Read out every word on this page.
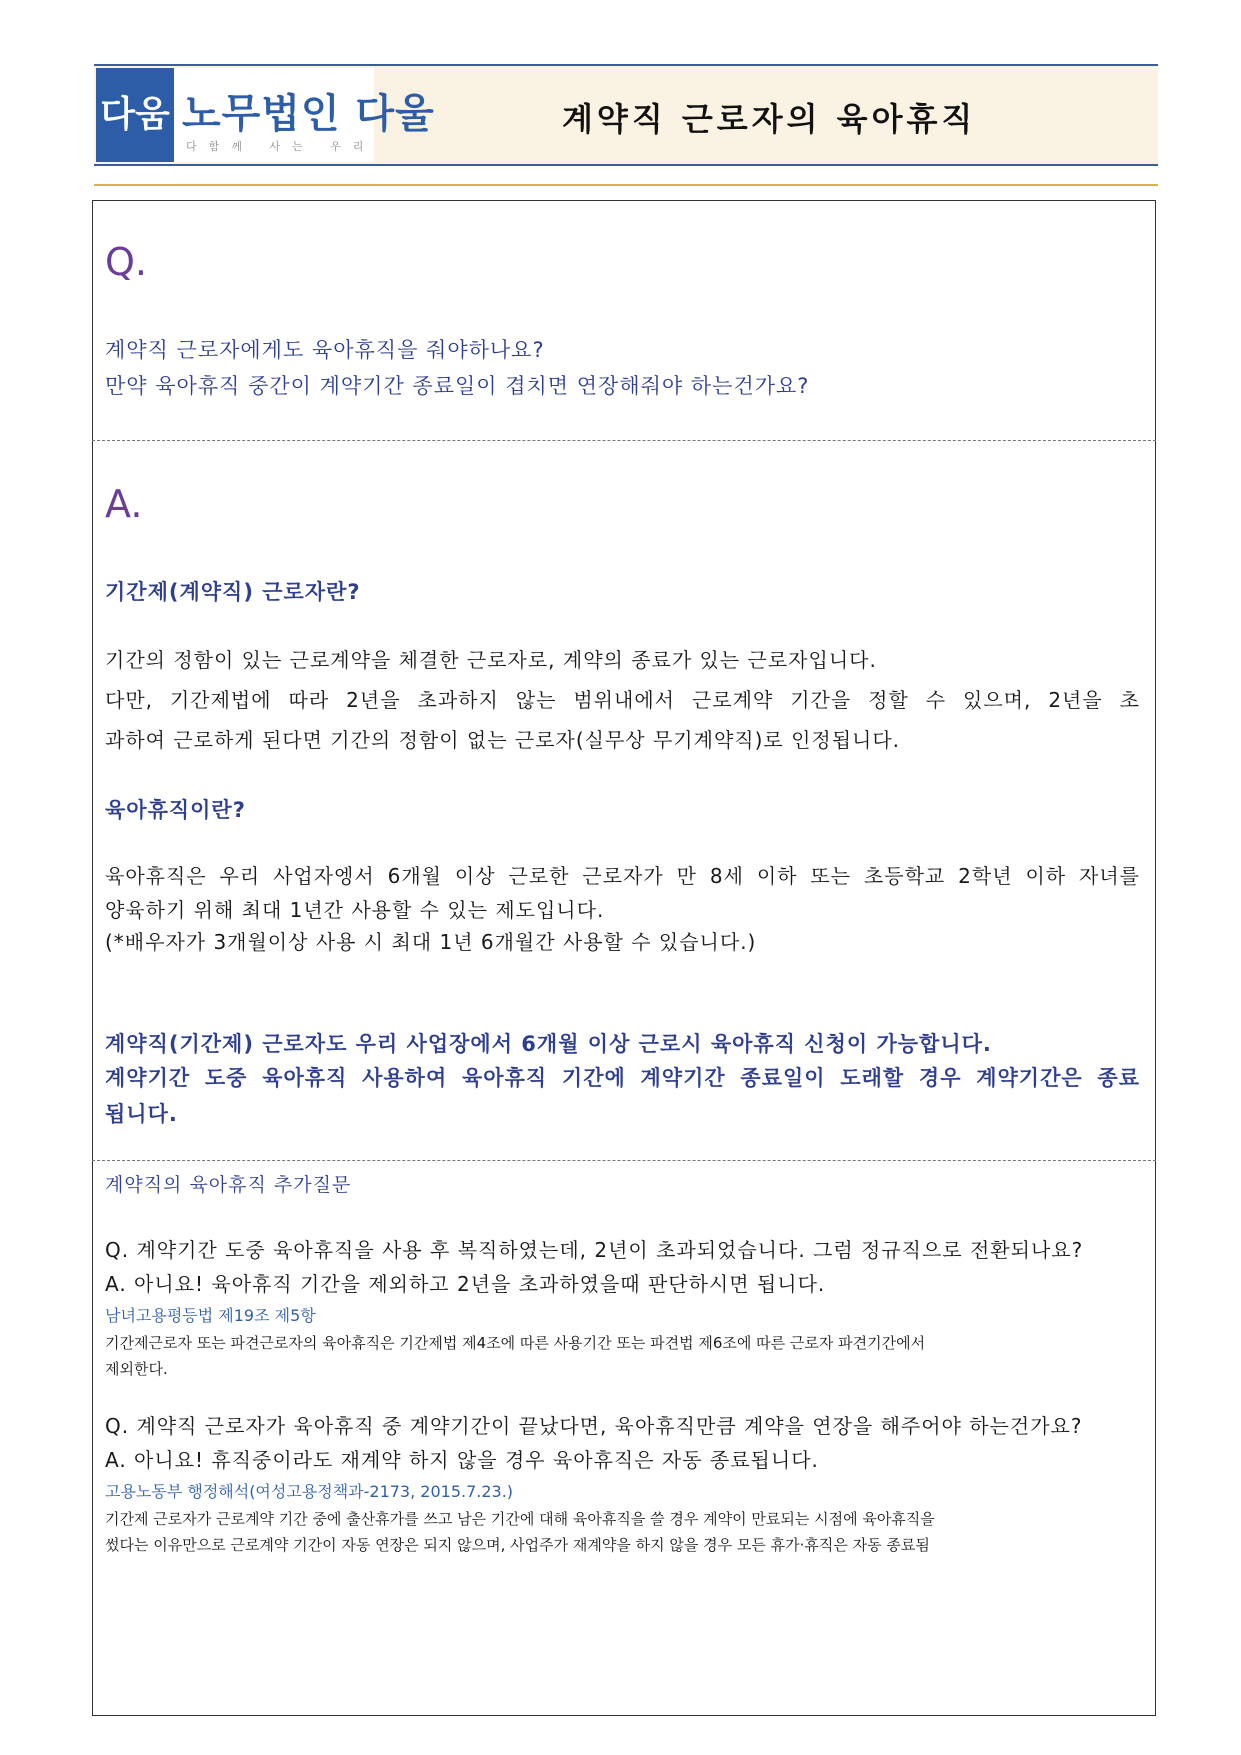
다움 노무법인 다울
다함께 사는 우리
계약직 근로자의 육아휴직
Q.
계약직 근로자에게도 육아휴직을 줘야하나요?
만약 육아휴직 중간이 계약기간 종료일이 겹치면 연장해줘야 하는건가요?
A.
기간제(계약직) 근로자란?
기간의 정함이 있는 근로계약을 체결한 근로자로, 계약의 종료가 있는 근로자입니다.
다만, 기간제법에 따라 2년을 초과하지 않는 범위내에서 근로계약 기간을 정할 수 있으며, 2년을 초
과하여 근로하게 된다면 기간의 정함이 없는 근로자(실무상 무기계약직)로 인정됩니다.
육아휴직이란?
육아휴직은 우리 사업자엥서 6개월 이상 근로한 근로자가 만 8세 이하 또는 초등학교 2학년 이하 자녀를
양육하기 위해 최대 1년간 사용할 수 있는 제도입니다.
(*배우자가 3개월이상 사용 시 최대 1년 6개월간 사용할 수 있습니다.)
계약직(기간제) 근로자도 우리 사업장에서 6개월 이상 근로시 육아휴직 신청이 가능합니다.
계약기간 도중 육아휴직 사용하여 육아휴직 기간에 계약기간 종료일이 도래할 경우 계약기간은 종료
됩니다.
계약직의 육아휴직 추가질문
Q. 계약기간 도중 육아휴직을 사용 후 복직하였는데, 2년이 초과되었습니다. 그럼 정규직으로 전환되나요?
A. 아니요! 육아휴직 기간을 제외하고 2년을 초과하였을때 판단하시면 됩니다.
남녀고용평등법 제19조 제5항
기간제근로자 또는 파견근로자의 육아휴직은 기간제법 제4조에 따른 사용기간 또는 파견법 제6조에 따른 근로자 파견기간에서
제외한다.
Q. 계약직 근로자가 육아휴직 중 계약기간이 끝났다면, 육아휴직만큼 계약을 연장을 해주어야 하는건가요?
A. 아니요! 휴직중이라도 재계약 하지 않을 경우 육아휴직은 자동 종료됩니다.
고용노동부 행정해석(여성고용정책과-2173, 2015.7.23.)
기간제 근로자가 근로계약 기간 중에 출산휴가를 쓰고 남은 기간에 대해 육아휴직을 쓸 경우 계약이 만료되는 시점에 육아휴직을
썼다는 이유만으로 근로계약 기간이 자동 연장은 되지 않으며, 사업주가 재계약을 하지 않을 경우 모든 휴가·휴직은 자동 종료됨
